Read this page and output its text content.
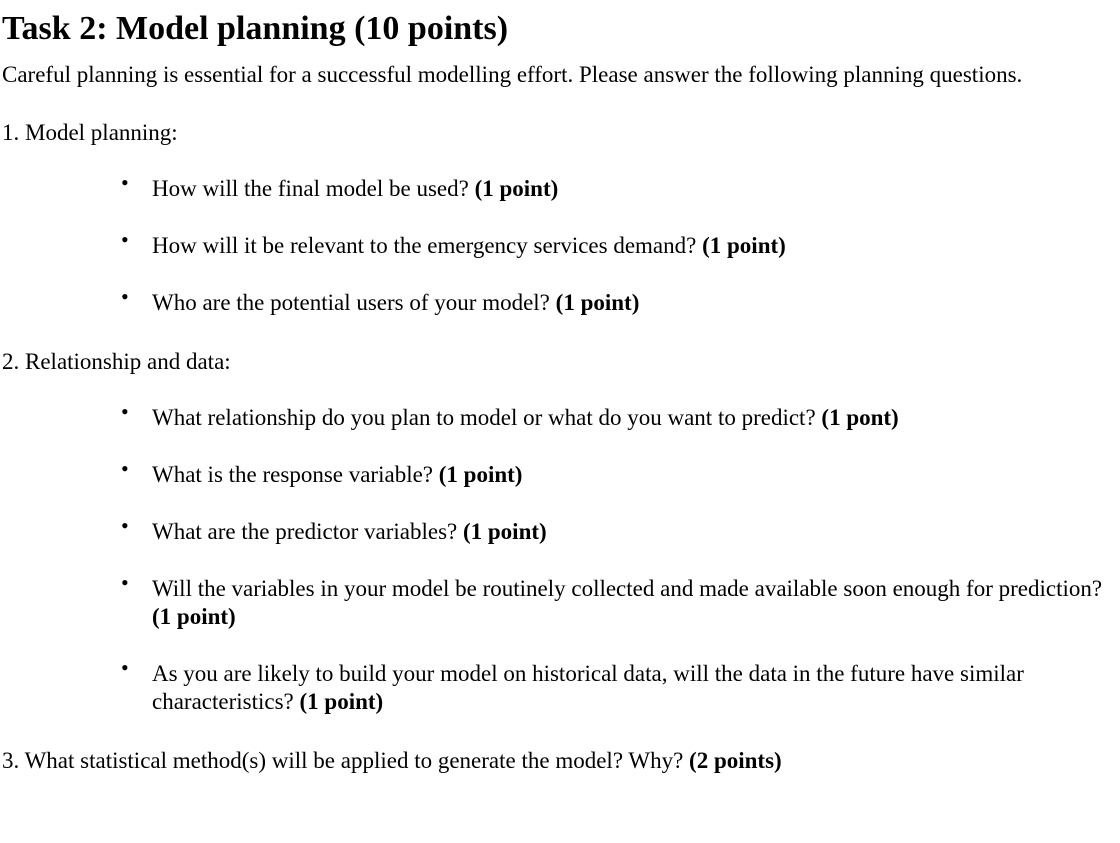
Task 2: Model planning (10 points)

Careful planning is essential for a successful modelling effort. Please answer the following planning questions.

1. Model planning:
• How will the final model be used? (1 point)
• How will it be relevant to the emergency services demand? (1 point)
• Who are the potential users of your model? (1 point)
2. Relationship and data:
• What relationship do you plan to model or what do you want to predict? (1 pont)
• What is the response variable? (1 point)
• What are the predictor variables? (1 point)
• Will the variables in your model be routinely collected and made available soon enough for prediction? (1 point)
• As you are likely to build your model on historical data, will the data in the future have similar characteristics? (1 point)
3. What statistical method(s) will be applied to generate the model? Why? (2 points)
